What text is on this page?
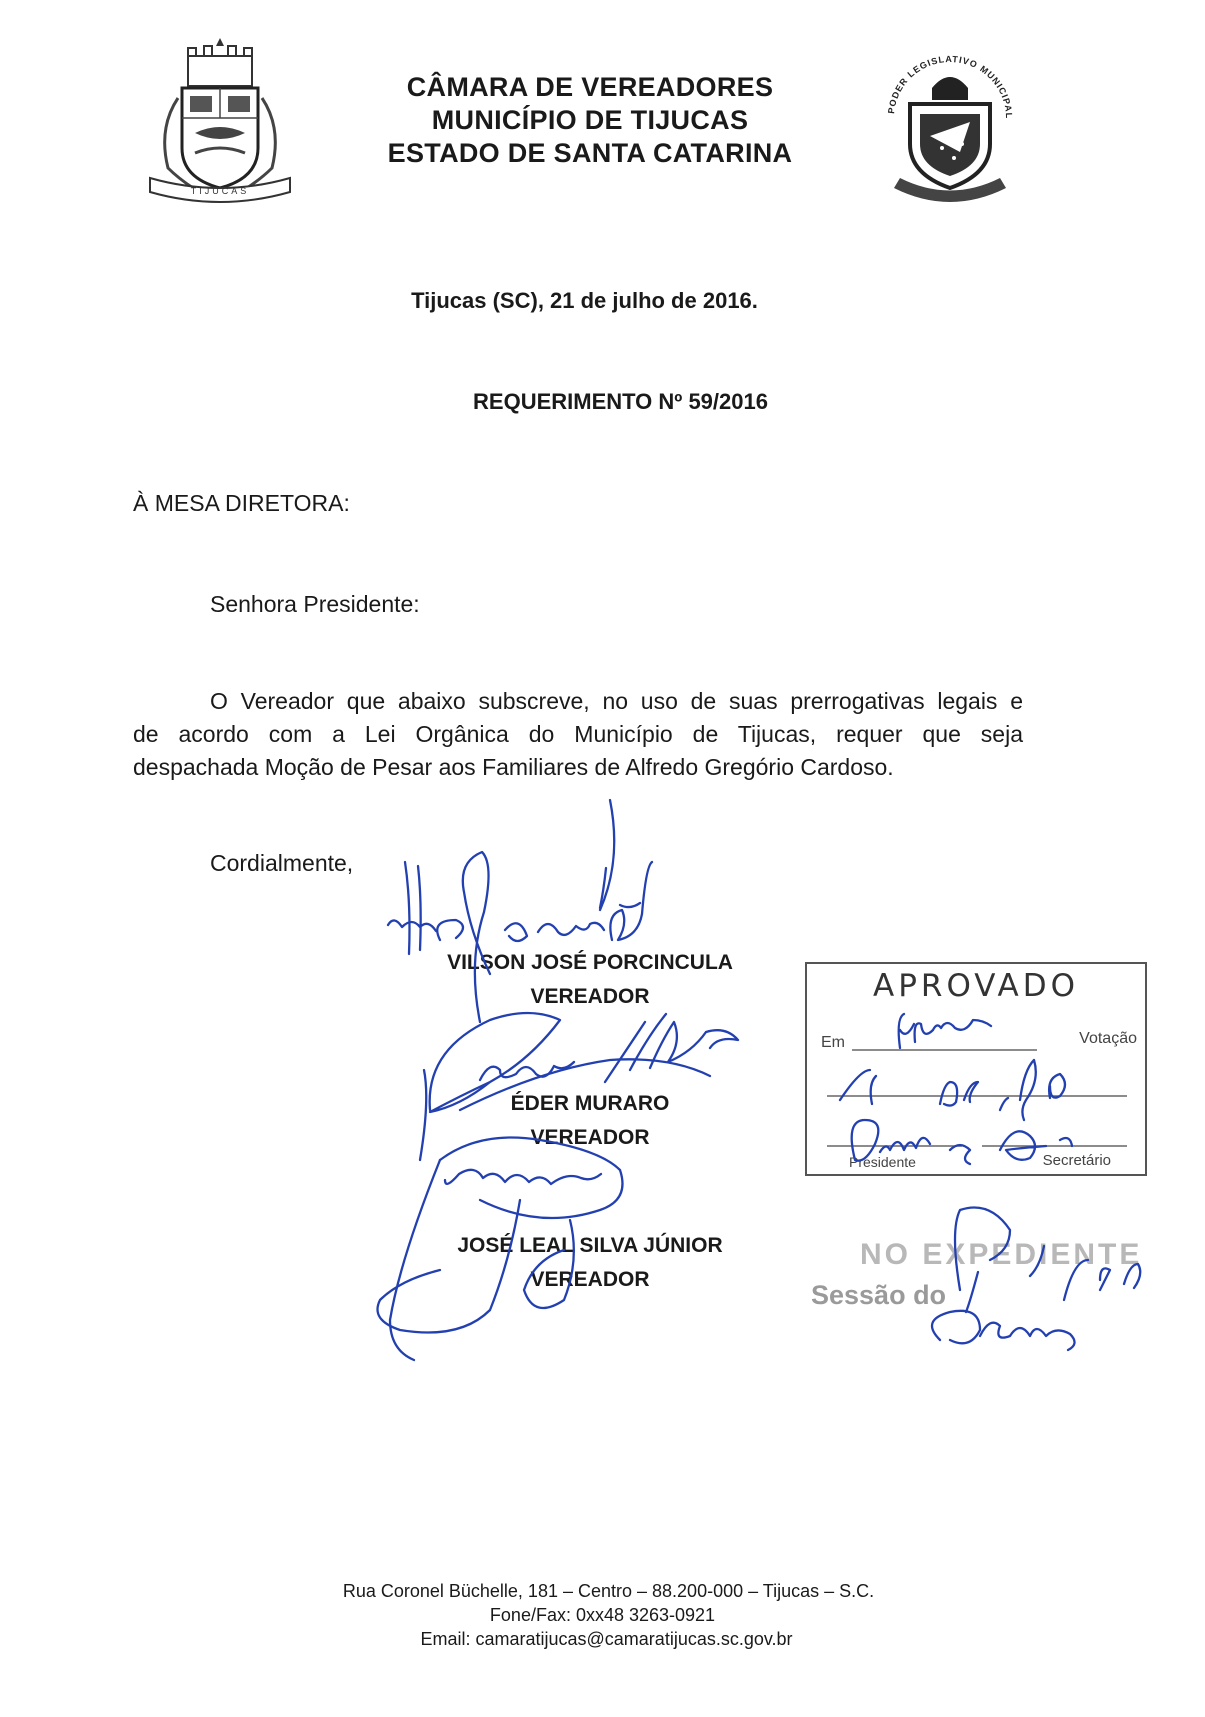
TIJUCAS
CÂMARA DE VEREADORES
MUNICÍPIO DE TIJUCAS
ESTADO DE SANTA CATARINA
PODER LEGISLATIVO MUNICIPAL
Tijucas (SC), 21 de julho de 2016.
REQUERIMENTO Nº 59/2016
À MESA DIRETORA:
Senhora Presidente:
O Vereador que abaixo subscreve, no uso de suas prerrogativas legais e
de acordo com a Lei Orgânica do Município de Tijucas, requer que seja
despachada Moção de Pesar aos Familiares de Alfredo Gregório Cardoso.
Cordialmente,
VILSON JOSÉ PORCINCULA
VEREADOR
ÉDER MURARO
VEREADOR
JOSÉ LEAL SILVA JÚNIOR
VEREADOR
APROVADO
Em	Votação
Presidente	Secretário
NO EXPEDIENTE
Sessão do
Rua Coronel Büchelle, 181 – Centro – 88.200-000 – Tijucas – S.C.
Fone/Fax: 0xx48 3263-0921
Email: camaratijucas@camaratijucas.sc.gov.br
